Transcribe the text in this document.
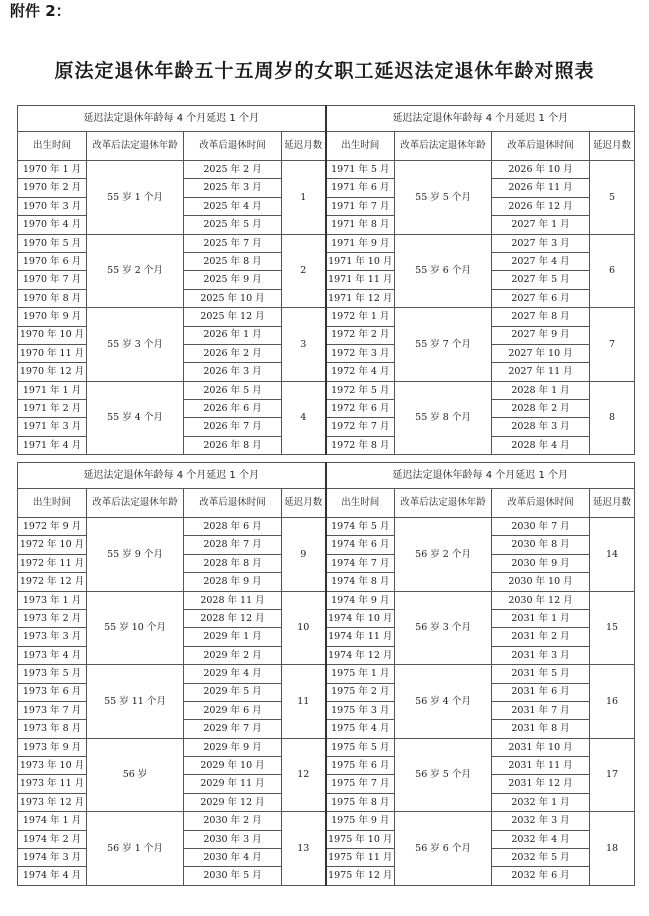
附件 2：
原法定退休年龄五十五周岁的女职工延迟法定退休年龄对照表
延迟法定退休年龄每 4 个月延迟 1 个月				延迟法定退休年龄每 4 个月延迟 1 个月			
出生时间	改革后法定退休年龄	改革后退休时间	延迟月数	出生时间	改革后法定退休年龄	改革后退休时间	延迟月数
1970 年 1 月	55 岁 1 个月	2025 年 2 月	1	1971 年 5 月	55 岁 5 个月	2026 年 10 月	5
1970 年 2 月		2025 年 3 月		1971 年 6 月		2026 年 11 月	
1970 年 3 月		2025 年 4 月		1971 年 7 月		2026 年 12 月	
1970 年 4 月		2025 年 5 月		1971 年 8 月		2027 年 1 月	
1970 年 5 月	55 岁 2 个月	2025 年 7 月	2	1971 年 9 月	55 岁 6 个月	2027 年 3 月	6
1970 年 6 月		2025 年 8 月		1971 年 10 月		2027 年 4 月	
1970 年 7 月		2025 年 9 月		1971 年 11 月		2027 年 5 月	
1970 年 8 月		2025 年 10 月		1971 年 12 月		2027 年 6 月	
1970 年 9 月	55 岁 3 个月	2025 年 12 月	3	1972 年 1 月	55 岁 7 个月	2027 年 8 月	7
1970 年 10 月		2026 年 1 月		1972 年 2 月		2027 年 9 月	
1970 年 11 月		2026 年 2 月		1972 年 3 月		2027 年 10 月	
1970 年 12 月		2026 年 3 月		1972 年 4 月		2027 年 11 月	
1971 年 1 月	55 岁 4 个月	2026 年 5 月	4	1972 年 5 月	55 岁 8 个月	2028 年 1 月	8
1971 年 2 月		2026 年 6 月		1972 年 6 月		2028 年 2 月	
1971 年 3 月		2026 年 7 月		1972 年 7 月		2028 年 3 月	
1971 年 4 月		2026 年 8 月		1972 年 8 月		2028 年 4 月	
延迟法定退休年龄每 4 个月延迟 1 个月				延迟法定退休年龄每 4 个月延迟 1 个月			
出生时间	改革后法定退休年龄	改革后退休时间	延迟月数	出生时间	改革后法定退休年龄	改革后退休时间	延迟月数
1972 年 9 月	55 岁 9 个月	2028 年 6 月	9	1974 年 5 月	56 岁 2 个月	2030 年 7 月	14
1972 年 10 月		2028 年 7 月		1974 年 6 月		2030 年 8 月	
1972 年 11 月		2028 年 8 月		1974 年 7 月		2030 年 9 月	
1972 年 12 月		2028 年 9 月		1974 年 8 月		2030 年 10 月	
1973 年 1 月	55 岁 10 个月	2028 年 11 月	10	1974 年 9 月	56 岁 3 个月	2030 年 12 月	15
1973 年 2 月		2028 年 12 月		1974 年 10 月		2031 年 1 月	
1973 年 3 月		2029 年 1 月		1974 年 11 月		2031 年 2 月	
1973 年 4 月		2029 年 2 月		1974 年 12 月		2031 年 3 月	
1973 年 5 月	55 岁 11 个月	2029 年 4 月	11	1975 年 1 月	56 岁 4 个月	2031 年 5 月	16
1973 年 6 月		2029 年 5 月		1975 年 2 月		2031 年 6 月	
1973 年 7 月		2029 年 6 月		1975 年 3 月		2031 年 7 月	
1973 年 8 月		2029 年 7 月		1975 年 4 月		2031 年 8 月	
1973 年 9 月	56 岁	2029 年 9 月	12	1975 年 5 月	56 岁 5 个月	2031 年 10 月	17
1973 年 10 月		2029 年 10 月		1975 年 6 月		2031 年 11 月	
1973 年 11 月		2029 年 11 月		1975 年 7 月		2031 年 12 月	
1973 年 12 月		2029 年 12 月		1975 年 8 月		2032 年 1 月	
1974 年 1 月	56 岁 1 个月	2030 年 2 月	13	1975 年 9 月	56 岁 6 个月	2032 年 3 月	18
1974 年 2 月		2030 年 3 月		1975 年 10 月		2032 年 4 月	
1974 年 3 月		2030 年 4 月		1975 年 11 月		2032 年 5 月	
1974 年 4 月		2030 年 5 月		1975 年 12 月		2032 年 6 月	
